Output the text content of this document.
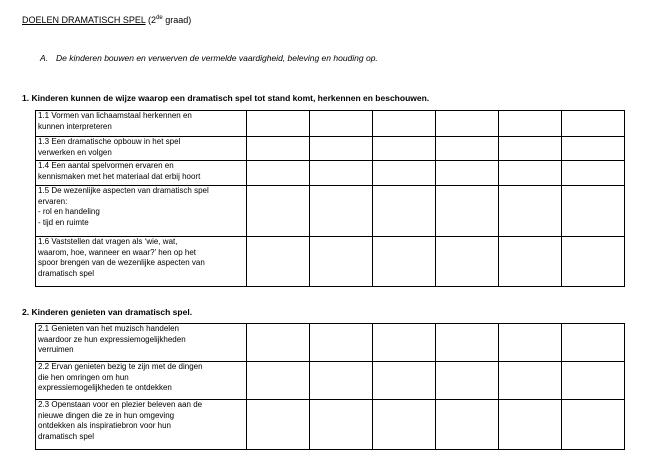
DOELEN DRAMATISCH SPEL (2de graad)
A. De kinderen bouwen en verwerven de vermelde vaardigheid, beleving en houding op.
1. Kinderen kunnen de wijze waarop een dramatisch spel tot stand komt, herkennen en beschouwen.
1.1 Vormen van lichaamstaal herkennen en
kunnen interpreteren						

1.3 Een dramatische opbouw in het spel
verwerken en volgen						

1.4 Een aantal spelvormen ervaren en
kennismaken met het materiaal dat erbij hoort						

1.5 De wezenlijke aspecten van dramatisch spel
ervaren:
- rol en handeling
- tijd en ruimte						

1.6 Vaststellen dat vragen als ‘wie, wat,
waarom, hoe, wanneer en waar?’ hen op het
spoor brengen van de wezenlijke aspecten van
dramatisch spel						

2. Kinderen genieten van dramatisch spel.
2.1 Genieten van het muzisch handelen
waardoor ze hun expressiemogelijkheden
verruimen						

2.2 Ervan genieten bezig te zijn met de dingen
die hen omringen om hun
expressiemogelijkheden te ontdekken						

2.3 Openstaan voor en plezier beleven aan de
nieuwe dingen die ze in hun omgeving
ontdekken als inspiratiebron voor hun
dramatisch spel						
